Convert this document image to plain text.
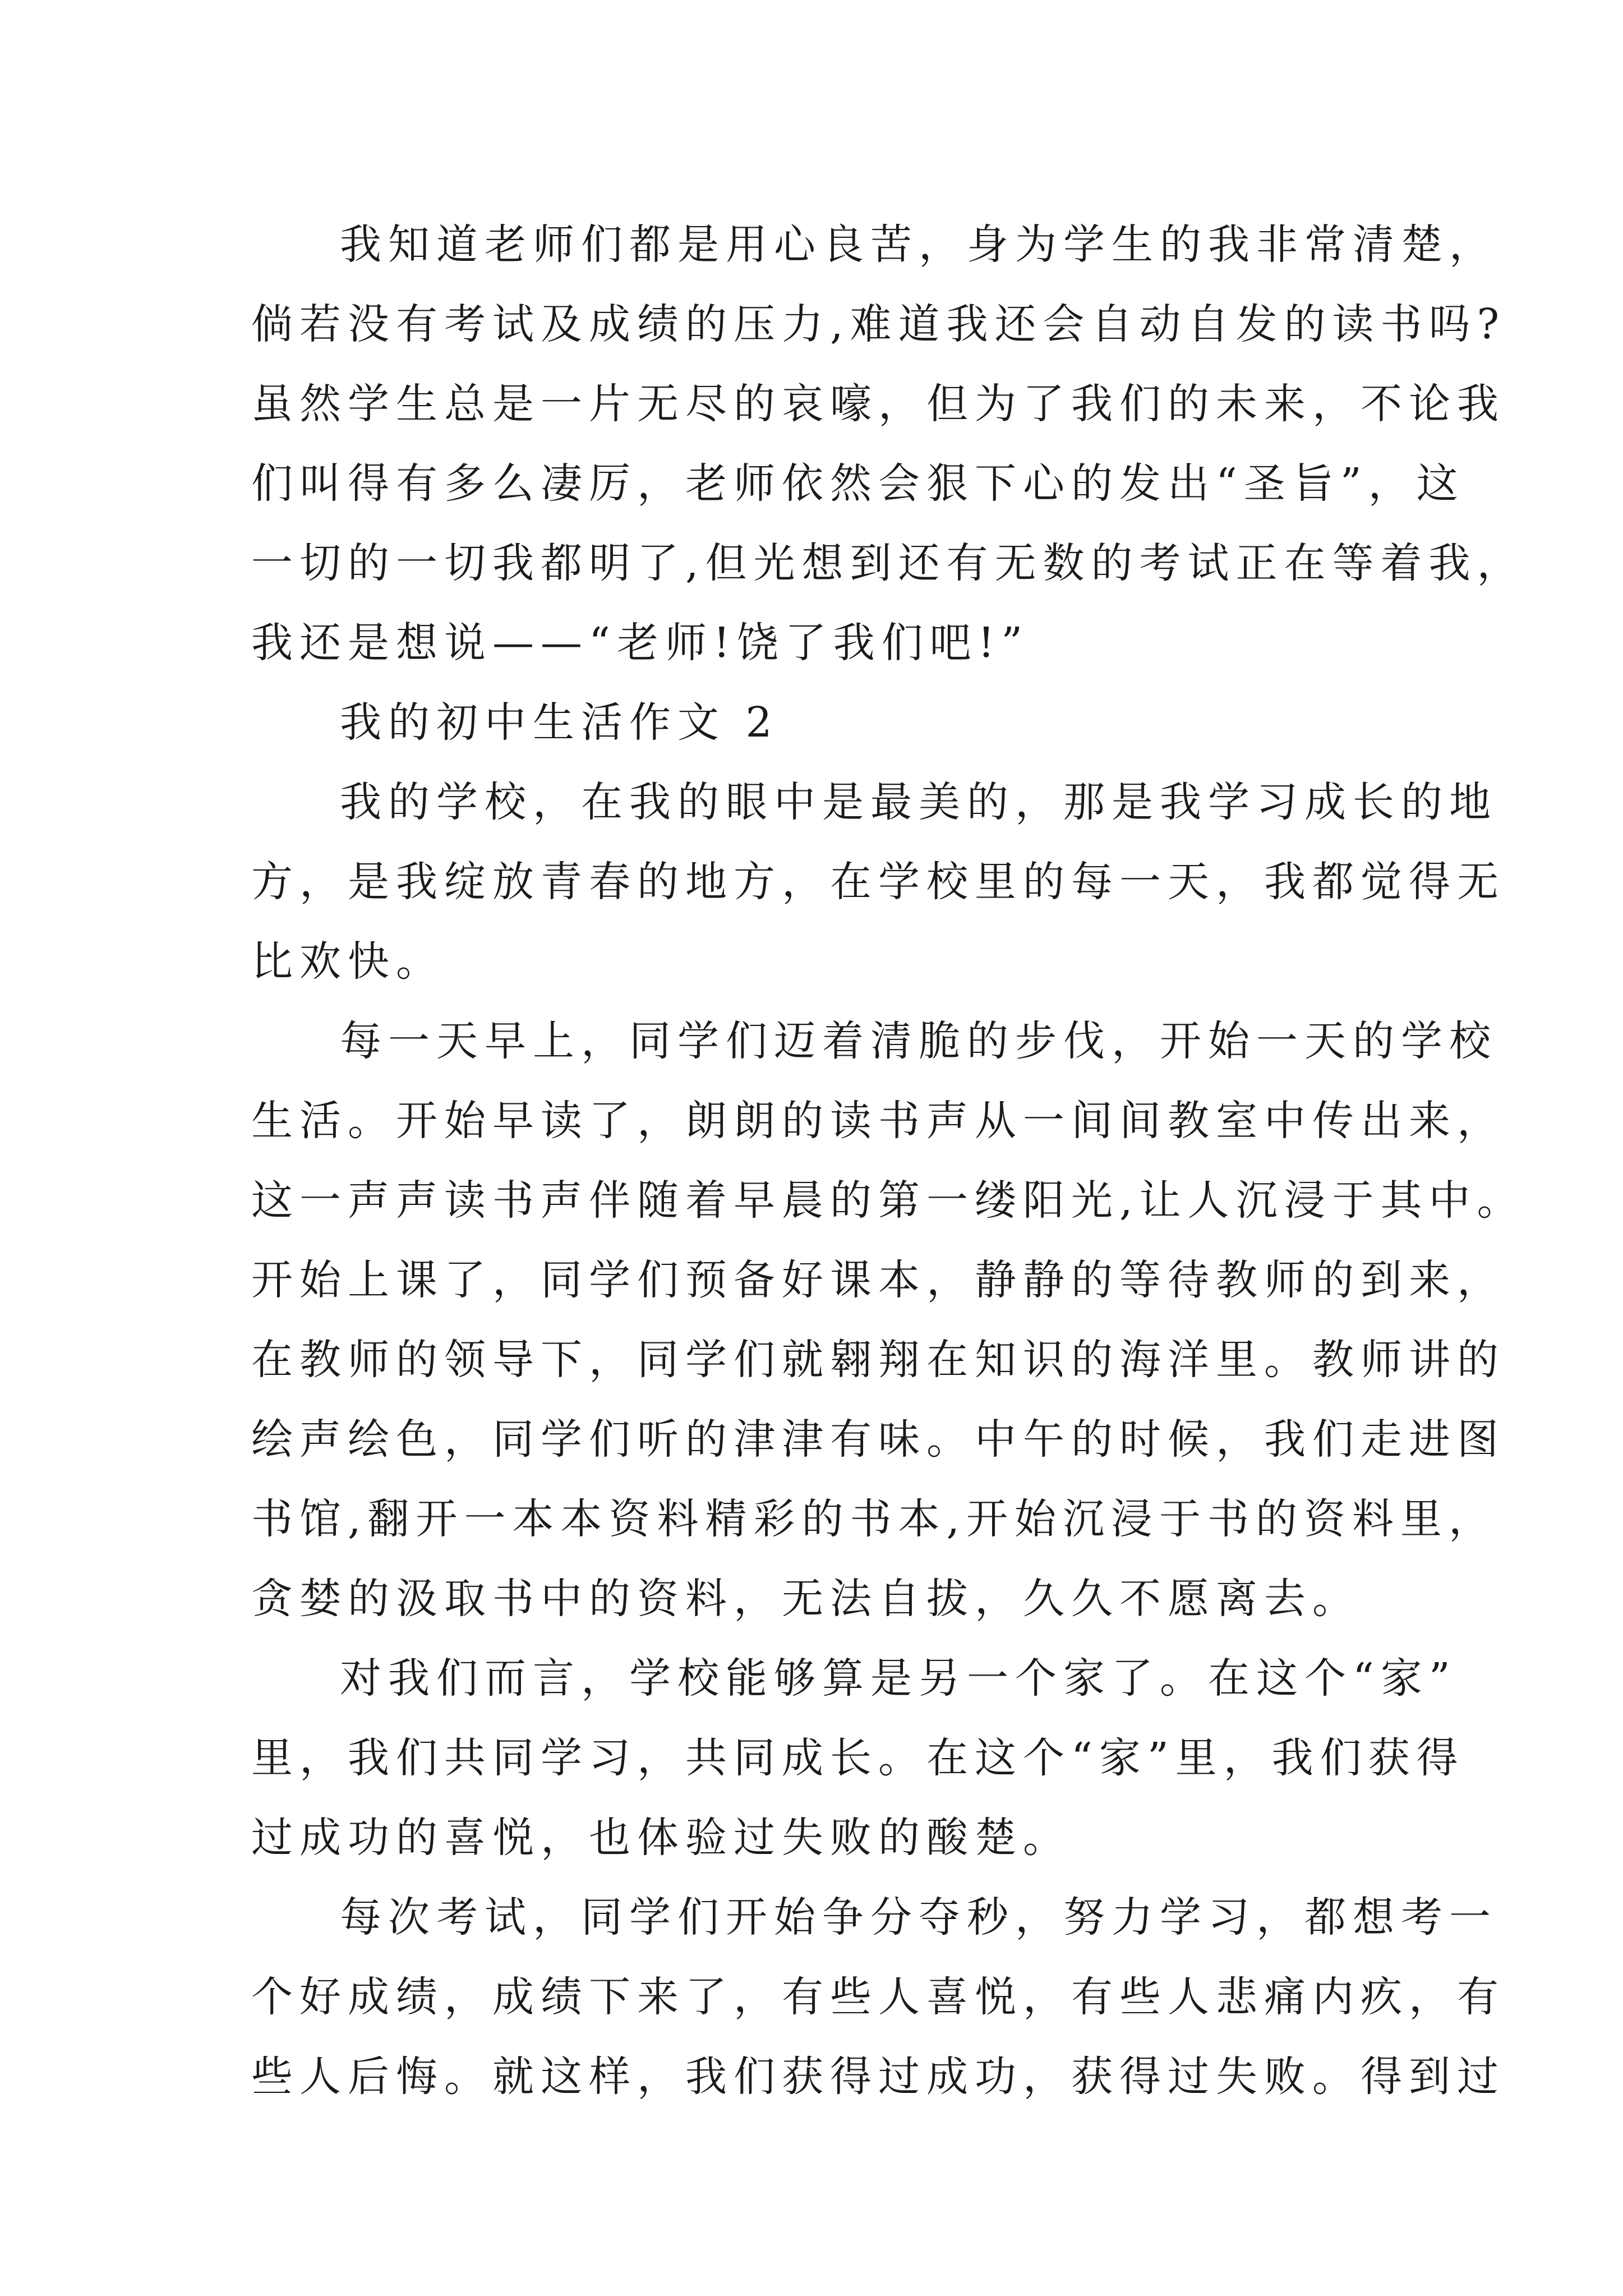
我知道老师们都是用心良苦，身为学生的我非常清楚，
倘若没有考试及成绩的压力,难道我还会自动自发的读书吗?
虽然学生总是一片无尽的哀嚎，但为了我们的未来，不论我
们叫得有多么凄厉，老师依然会狠下心的发出“圣旨”，这
一切的一切我都明了,但光想到还有无数的考试正在等着我，
我还是想说——“老师!饶了我们吧!”
我的初中生活作文 2
我的学校，在我的眼中是最美的，那是我学习成长的地
方，是我绽放青春的地方，在学校里的每一天，我都觉得无
比欢快。
每一天早上，同学们迈着清脆的步伐，开始一天的学校
生活。开始早读了，朗朗的读书声从一间间教室中传出来，
这一声声读书声伴随着早晨的第一缕阳光,让人沉浸于其中。
开始上课了，同学们预备好课本，静静的等待教师的到来，
在教师的领导下，同学们就翱翔在知识的海洋里。教师讲的
绘声绘色，同学们听的津津有味。中午的时候，我们走进图
书馆,翻开一本本资料精彩的书本,开始沉浸于书的资料里，
贪婪的汲取书中的资料，无法自拔，久久不愿离去。
对我们而言，学校能够算是另一个家了。在这个“家”
里，我们共同学习，共同成长。在这个“家”里，我们获得
过成功的喜悦，也体验过失败的酸楚。
每次考试，同学们开始争分夺秒，努力学习，都想考一
个好成绩，成绩下来了，有些人喜悦，有些人悲痛内疚，有
些人后悔。就这样，我们获得过成功，获得过失败。得到过
